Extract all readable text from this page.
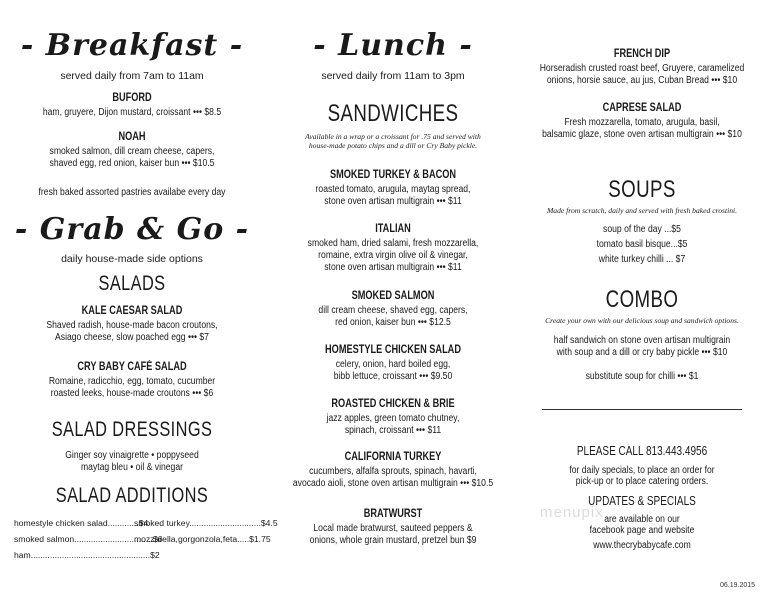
- Breakfast -
served daily from 7am to 11am
BUFORD
ham, gruyere, Dijon mustard, croissant ••• $8.5
NOAH
smoked salmon, dill cream cheese, capers,
shaved egg, red onion, kaiser bun ••• $10.5
fresh baked assorted pastries availabe every day
- Grab & Go -
daily house-made side options
SALADS
KALE CAESAR SALAD
Shaved radish, house-made bacon croutons,
Asiago cheese, slow poached egg ••• $7
CRY BABY CAFÉ SALAD
Romaine, radicchio, egg, tomato, cucumber
roasted leeks, house-made croutons ••• $6
SALAD DRESSINGS
Ginger soy vinaigrette • poppyseed
maytag bleu • oil & vinegar
SALAD ADDITIONS
homestyle chicken salad.............$4
smoked salmon.................................$6
ham..................................................$2
smoked turkey..............................$4.5
mozzarella,gorgonzola,feta.....$1.75
- Lunch -
served daily from 11am to 3pm
SANDWICHES
Available in a wrap or a croissant for .75 and served with
house-made potato chips and a dill or Cry Baby pickle.
SMOKED TURKEY & BACON
roasted tomato, arugula, maytag spread,
stone oven artisan multigrain ••• $11
ITALIAN
smoked ham, dried salami, fresh mozzarella,
romaine, extra virgin olive oil & vinegar,
stone oven artisan multigrain ••• $11
SMOKED SALMON
dill cream cheese, shaved egg, capers,
red onion, kaiser bun ••• $12.5
HOMESTYLE CHICKEN SALAD
celery, onion, hard boiled egg,
bibb lettuce, croissant ••• $9.50
ROASTED CHICKEN & BRIE
jazz apples, green tomato chutney,
spinach, croissant ••• $11
CALIFORNIA TURKEY
cucumbers, alfalfa sprouts, spinach, havarti,
avocado aioli, stone oven artisan multigrain ••• $10.5
BRATWURST
Local made bratwurst, sauteed peppers &
onions, whole grain mustard, pretzel bun $9
FRENCH DIP
Horseradish crusted roast beef, Gruyere, caramelized
onions, horsie sauce, au jus, Cuban Bread ••• $10
CAPRESE SALAD
Fresh mozzarella, tomato, arugula, basil,
balsamic glaze, stone oven artisan multigrain ••• $10
SOUPS
Made from scratch, daily and served with fresh baked crostini.
soup of the day ...$5
tomato basil bisque...$5
white turkey chilli ... $7
COMBO
Create your own with our delicious soup and sandwich options.
half sandwich on stone oven artisan multigrain
with soup and a dill or cry baby pickle ••• $10
substitute soup for chilli ••• $1
PLEASE CALL 813.443.4956
for daily specials, to place an order for
pick-up or to place catering orders.
UPDATES & SPECIALS
are available on our
facebook page and website
www.thecrybabycafe.com
menupix
06.19.2015
